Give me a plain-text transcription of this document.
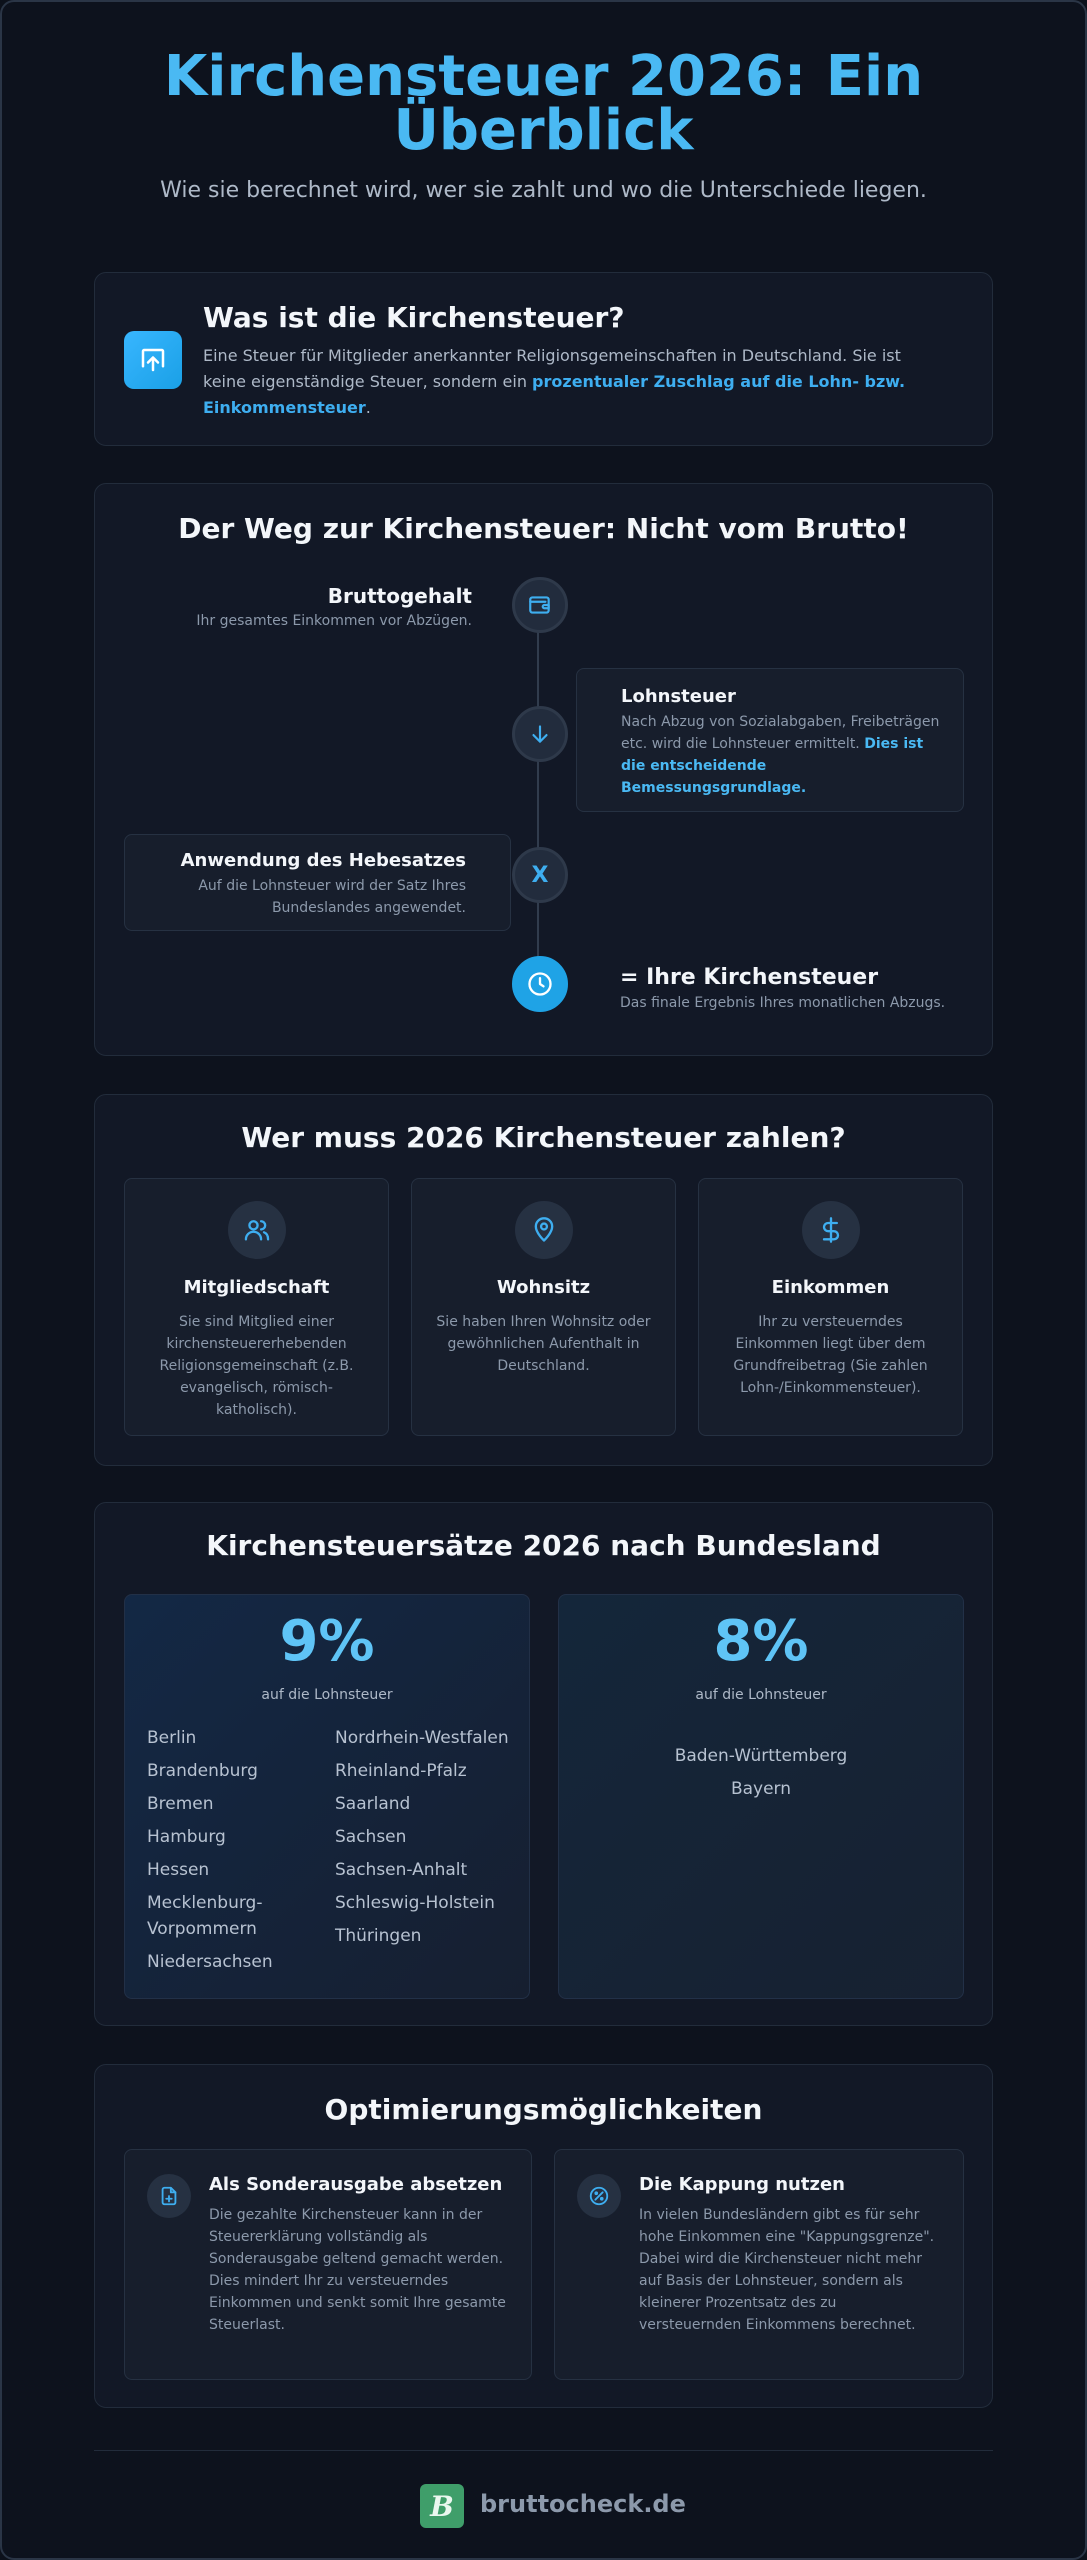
Kirchensteuer 2026: Ein
Überblick
Wie sie berechnet wird, wer sie zahlt und wo die Unterschiede liegen.
Was ist die Kirchensteuer?
Eine Steuer für Mitglieder anerkannter Religionsgemeinschaften in Deutschland. Sie ist keine eigenständige Steuer, sondern ein prozentualer Zuschlag auf die Lohn- bzw. Einkommensteuer.
Der Weg zur Kirchensteuer: Nicht vom Brutto!
Bruttogehalt
Ihr gesamtes Einkommen vor Abzügen.
Lohnsteuer
Nach Abzug von Sozialabgaben, Freibeträgen etc. wird die Lohnsteuer ermittelt. Dies ist die entscheidende Bemessungsgrundlage.
X
Anwendung des Hebesatzes
Auf die Lohnsteuer wird der Satz Ihres Bundeslandes angewendet.
= Ihre Kirchensteuer
Das finale Ergebnis Ihres monatlichen Abzugs.
Wer muss 2026 Kirchensteuer zahlen?
Mitgliedschaft
Sie sind Mitglied einer kirchensteuererhebenden Religionsgemeinschaft (z.B. evangelisch, römisch-katholisch).
Wohnsitz
Sie haben Ihren Wohnsitz oder gewöhnlichen Aufenthalt in Deutschland.
Einkommen
Ihr zu versteuerndes Einkommen liegt über dem Grundfreibetrag (Sie zahlen Lohn-/Einkommensteuer).
Kirchensteuersätze 2026 nach Bundesland
9%
auf die Lohnsteuer
Berlin
Brandenburg
Bremen
Hamburg
Hessen
Mecklenburg-Vorpommern
Niedersachsen
Nordrhein-Westfalen
Rheinland-Pfalz
Saarland
Sachsen
Sachsen-Anhalt
Schleswig-Holstein
Thüringen
8%
auf die Lohnsteuer
Baden-Württemberg
Bayern
Optimierungsmöglichkeiten
Als Sonderausgabe absetzen
Die gezahlte Kirchensteuer kann in der Steuererklärung vollständig als Sonderausgabe geltend gemacht werden. Dies mindert Ihr zu versteuerndes Einkommen und senkt somit Ihre gesamte Steuerlast.
Die Kappung nutzen
In vielen Bundesländern gibt es für sehr hohe Einkommen eine "Kappungsgrenze". Dabei wird die Kirchensteuer nicht mehr auf Basis der Lohnsteuer, sondern als kleinerer Prozentsatz des zu versteuernden Einkommens berechnet.
B	bruttocheck.de
